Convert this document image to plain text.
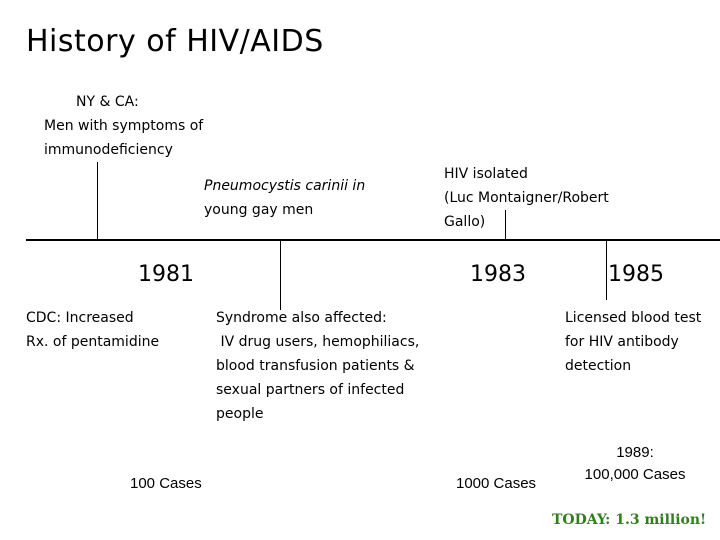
History of HIV/AIDS
NY & CA:
Men with symptoms of
immunodeficiency
Pneumocystis carinii in
young gay men
HIV isolated
(Luc Montaigner/Robert
Gallo)
1981	1983	1985
CDC: Increased
Rx. of pentamidine
Syndrome also affected:
IV drug users, hemophiliacs,
blood transfusion patients &
sexual partners of infected
people
Licensed blood test
for HIV antibody
detection
100 Cases	1000 Cases
1989:
100,000 Cases
TODAY: 1.3 million!
